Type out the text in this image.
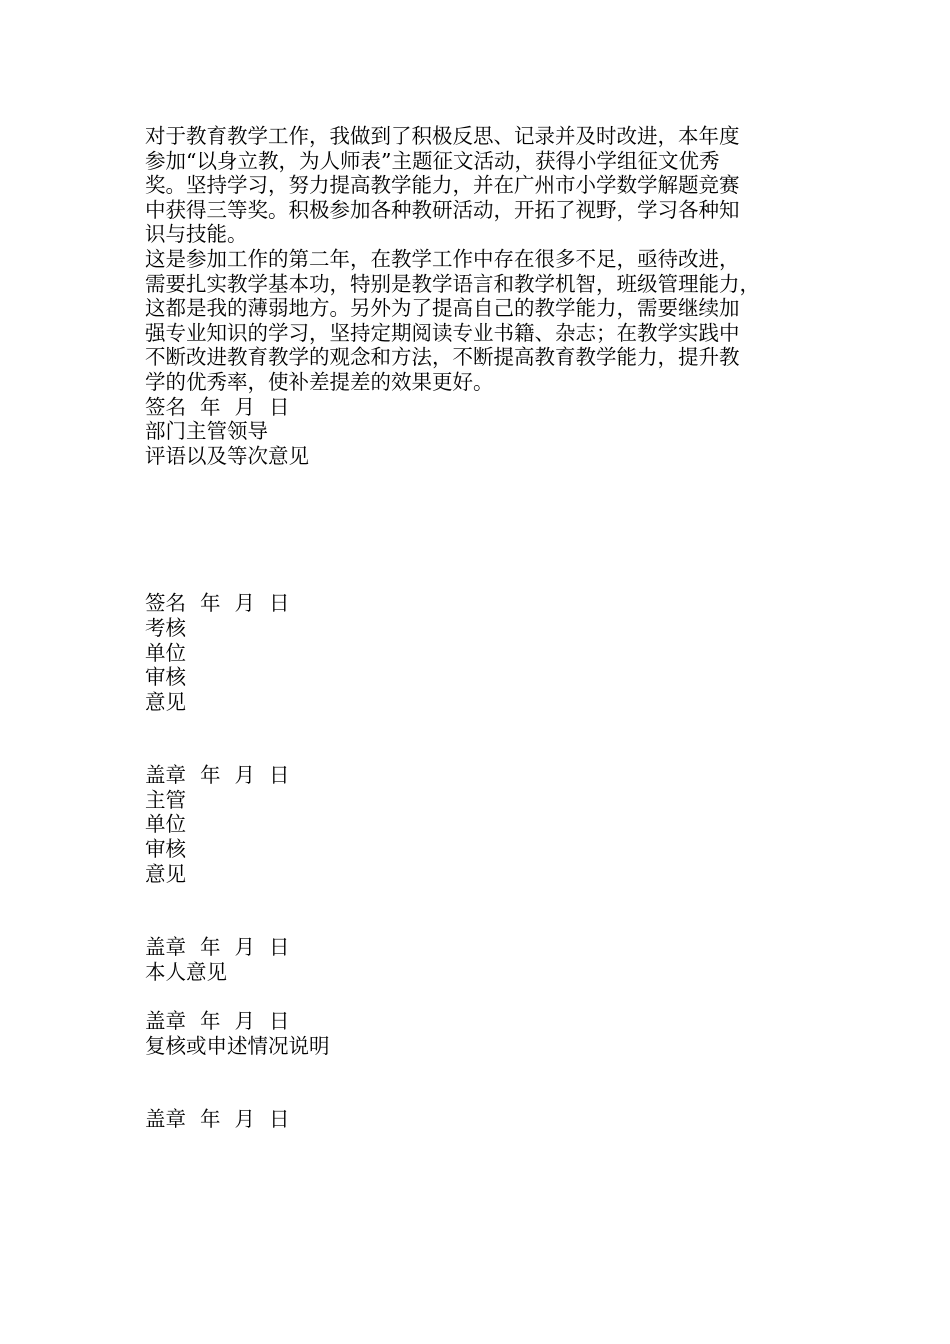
对于教育教学工作，我做到了积极反思、记录并及时改进，本年度
参加“以身立教，为人师表”主题征文活动，获得小学组征文优秀
奖。坚持学习，努力提高教学能力，并在广州市小学数学解题竞赛
中获得三等奖。积极参加各种教研活动，开拓了视野，学习各种知
识与技能。
这是参加工作的第二年，在教学工作中存在很多不足，亟待改进，
需要扎实教学基本功，特别是教学语言和教学机智，班级管理能力，
这都是我的薄弱地方。另外为了提高自己的教学能力，需要继续加
强专业知识的学习，坚持定期阅读专业书籍、杂志；在教学实践中
不断改进教育教学的观念和方法，不断提高教育教学能力，提升教
学的优秀率，使补差提差的效果更好。
签名 年 月 日
部门主管领导
评语以及等次意见
签名 年 月 日
考核
单位
审核
意见
盖章 年 月 日
主管
单位
审核
意见
盖章 年 月 日
本人意见
盖章 年 月 日
复核或申述情况说明
盖章 年 月 日
